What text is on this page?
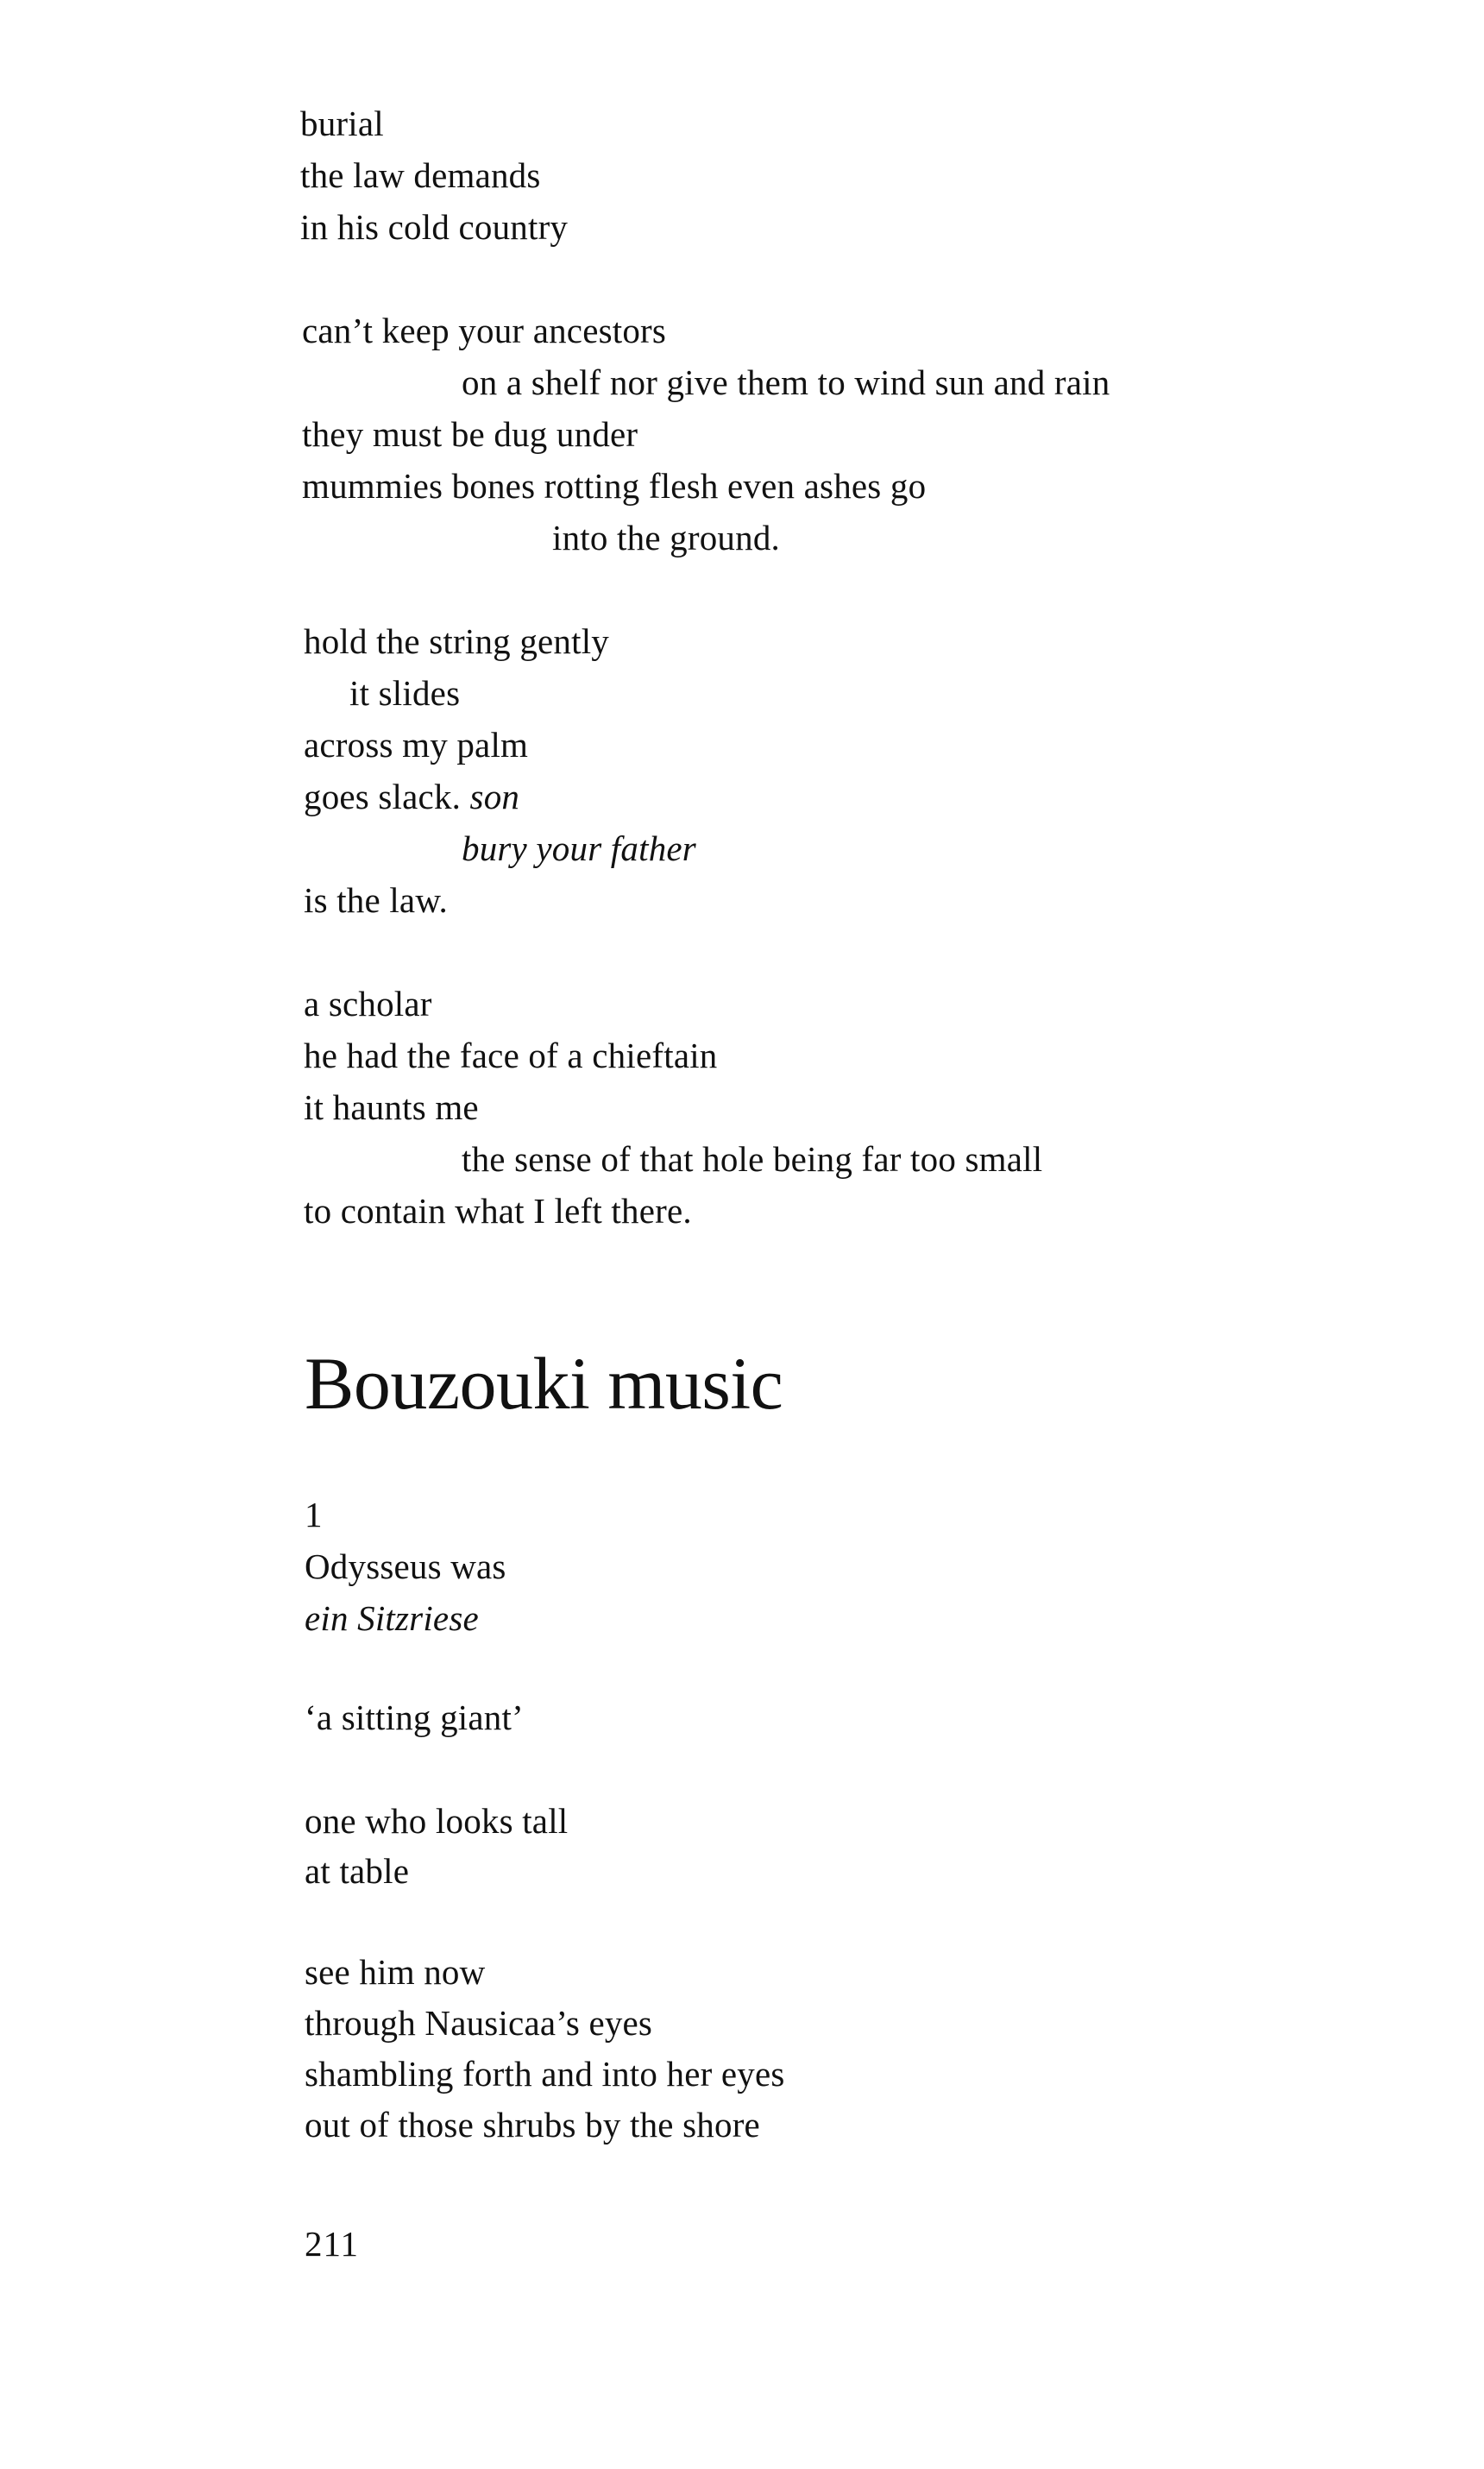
burial
the law demands
in his cold country
can’t keep your ancestors
on a shelf nor give them to wind sun and rain
they must be dug under
mummies bones rotting flesh even ashes go
into the ground.
hold the string gently
it slides
across my palm
goes slack. son
bury your father
is the law.
a scholar
he had the face of a chieftain
it haunts me
the sense of that hole being far too small
to contain what I left there.
Bouzouki music
1
Odysseus was
ein Sitzriese
‘a sitting giant’
one who looks tall
at table
see him now
through Nausicaa’s eyes
shambling forth and into her eyes
out of those shrubs by the shore
211
